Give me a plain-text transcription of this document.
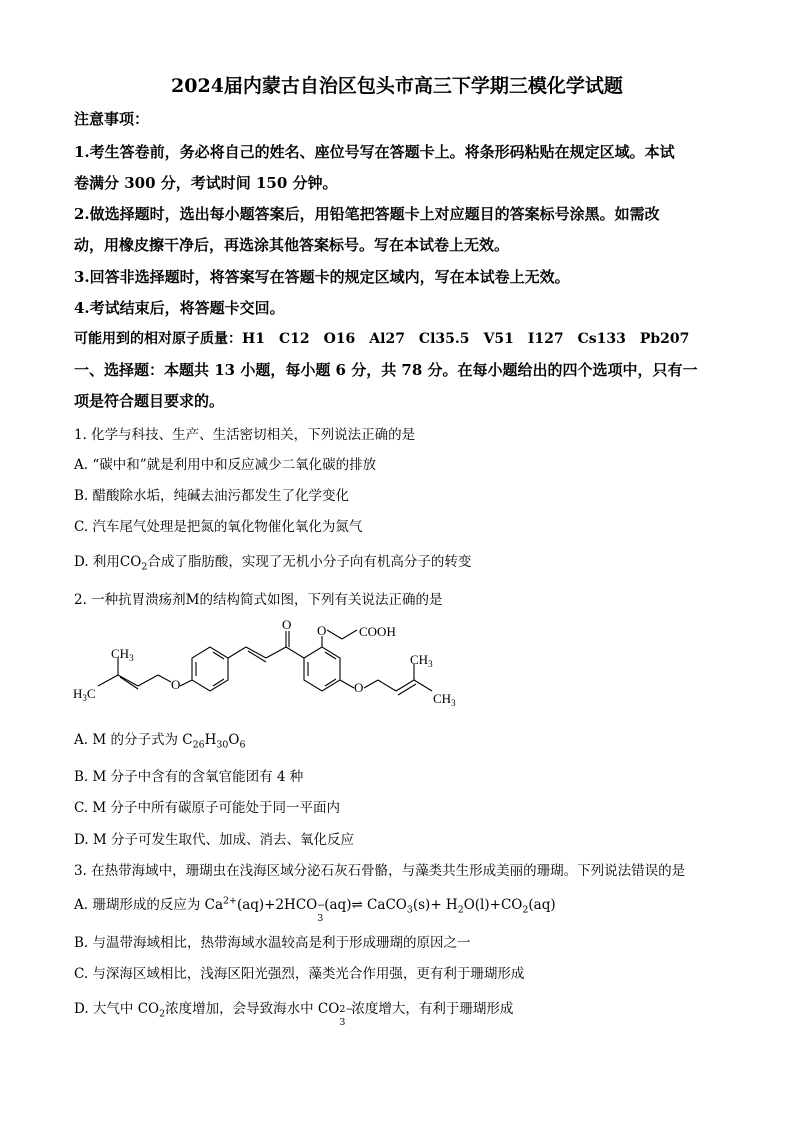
2024届内蒙古自治区包头市高三下学期三模化学试题
注意事项：
1.考生答卷前，务必将自己的姓名、座位号写在答题卡上。将条形码粘贴在规定区域。本试
卷满分 300 分，考试时间 150 分钟。
2.做选择题时，选出每小题答案后，用铅笔把答题卡上对应题目的答案标号涂黑。如需改
动，用橡皮擦干净后，再选涂其他答案标号。写在本试卷上无效。
3.回答非选择题时，将答案写在答题卡的规定区域内，写在本试卷上无效。
4.考试结束后，将答题卡交回。
可能用到的相对原子质量：H1　C12　O16　Al27　Cl35.5　V51　I127　Cs133　Pb207
一、选择题：本题共 13 小题，每小题 6 分，共 78 分。在每小题给出的四个选项中，只有一
项是符合题目要求的。
1. 化学与科技、生产、生活密切相关，下列说法正确的是
A. “碳中和”就是利用中和反应减少二氧化碳的排放
B. 醋酸除水垢，纯碱去油污都发生了化学变化
C. 汽车尾气处理是把氮的氧化物催化氧化为氮气
D. 利用$CO_2$合成了脂肪酸，实现了无机小分子向有机高分子的转变
2. 一种抗胃溃疡剂M的结构简式如图，下列有关说法正确的是
COOH
O O
O	O
$CH_3$
$H_3C$
$CH_3$
$CH_3$
A. M 的分子式为 $C_{26}H_{30}O_6$
B. M 分子中含有的含氧官能团有 4 种
C. M 分子中所有碳原子可能处于同一平面内
D. M 分子可发生取代、加成、消去、氧化反应
3. 在热带海域中，珊瑚虫在浅海区域分泌石灰石骨骼，与藻类共生形成美丽的珊瑚。下列说法错误的是
A. 珊瑚形成的反应为 $Ca^{2+}(aq)+2HCO$ −
3
(aq)⇌ CaCO$_3$(s)+ $H_2O(l)+CO_2(aq)$
B. 与温带海域相比，热带海域水温较高是利于形成珊瑚的原因之一
C. 与深海区域相比，浅海区阳光强烈，藻类光合作用强，更有利于珊瑚形成
D. 大气中 $CO_2$浓度增加，会导致海水中 CO 2−
3
浓度增大，有利于珊瑚形成
